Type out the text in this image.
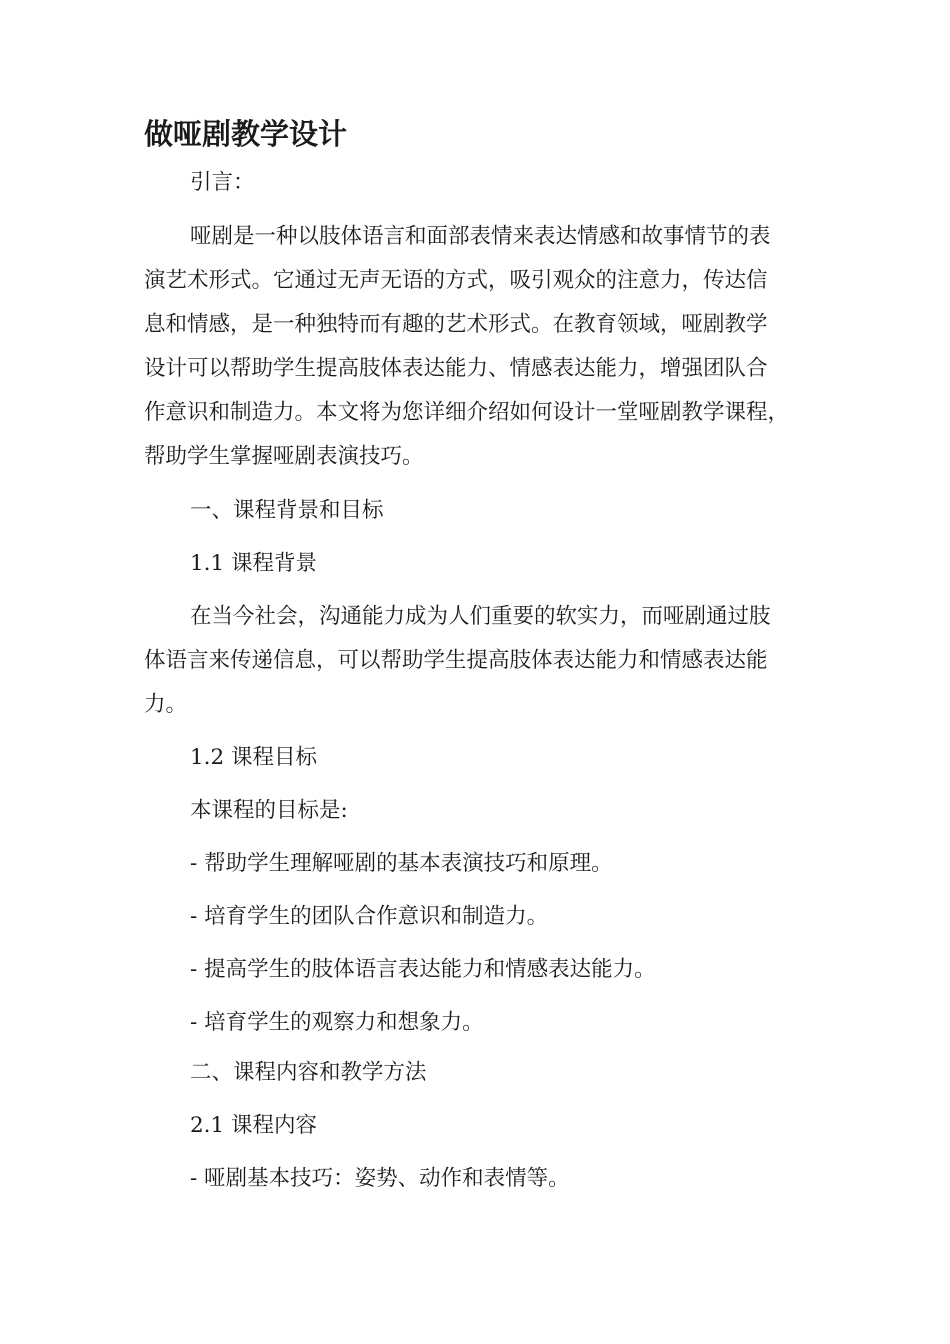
做哑剧教学设计

引言：

哑剧是一种以肢体语言和面部表情来表达情感和故事情节的表

演艺术形式。它通过无声无语的方式，吸引观众的注意力，传达信

息和情感，是一种独特而有趣的艺术形式。在教育领域，哑剧教学

设计可以帮助学生提高肢体表达能力、情感表达能力，增强团队合

作意识和制造力。本文将为您详细介绍如何设计一堂哑剧教学课程，

帮助学生掌握哑剧表演技巧。

一、课程背景和目标

1.1 课程背景

在当今社会，沟通能力成为人们重要的软实力，而哑剧通过肢

体语言来传递信息，可以帮助学生提高肢体表达能力和情感表达能

力。

1.2 课程目标

本课程的目标是:

- 帮助学生理解哑剧的基本表演技巧和原理。

- 培育学生的团队合作意识和制造力。

- 提高学生的肢体语言表达能力和情感表达能力。

- 培育学生的观察力和想象力。

二、课程内容和教学方法

2.1 课程内容

- 哑剧基本技巧：姿势、动作和表情等。
